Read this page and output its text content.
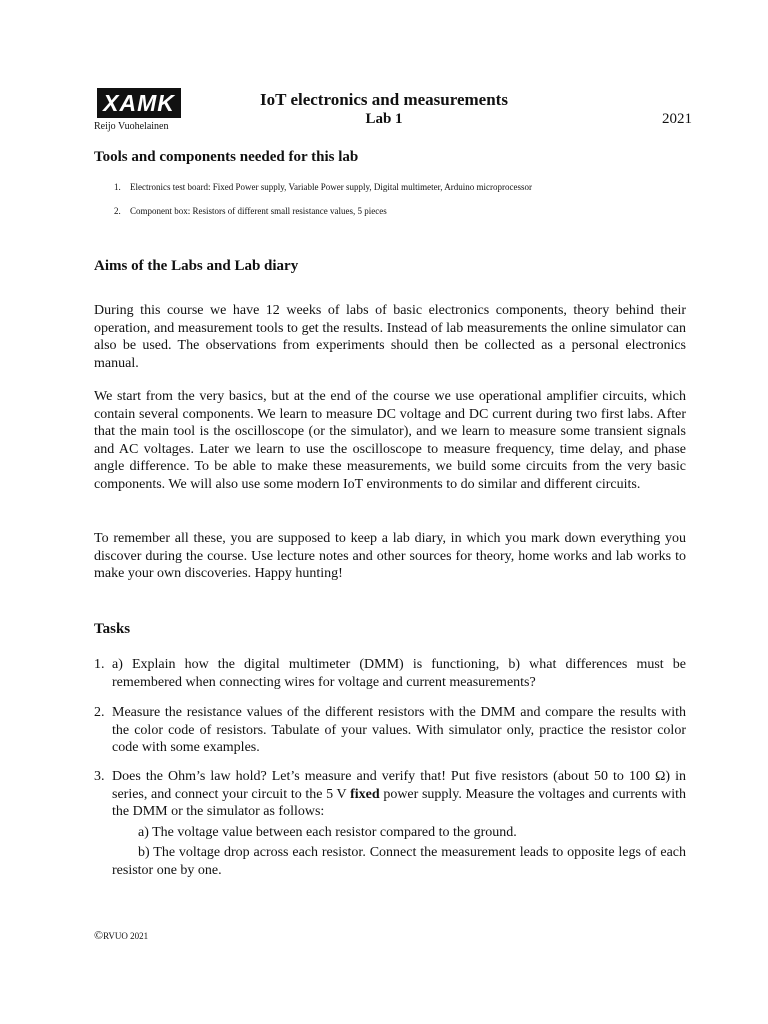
XAMK
Reijo Vuohelainen
IoT electronics and measurements
Lab 1	2021
Tools and components needed for this lab
1. Electronics test board: Fixed Power supply, Variable Power supply, Digital multimeter, Arduino microprocessor
2. Component box: Resistors of different small resistance values, 5 pieces
Aims of the Labs and Lab diary
During this course we have 12 weeks of labs of basic electronics components, theory behind their operation, and measurement tools to get the results. Instead of lab measurements the online simulator can also be used. The observations from experiments should then be collected as a personal electronics manual.
We start from the very basics, but at the end of the course we use operational amplifier circuits, which contain several components. We learn to measure DC voltage and DC current during two first labs. After that the main tool is the oscilloscope (or the simulator), and we learn to measure some transient signals and AC voltages. Later we learn to use the oscilloscope to measure frequency, time delay, and phase angle difference. To be able to make these measurements, we build some circuits from the very basic components. We will also use some modern IoT environments to do similar and different circuits.
To remember all these, you are supposed to keep a lab diary, in which you mark down everything you discover during the course. Use lecture notes and other sources for theory, home works and lab works to make your own discoveries. Happy hunting!
Tasks
1. a) Explain how the digital multimeter (DMM) is functioning, b) what differences must be remembered when connecting wires for voltage and current measurements?
2. Measure the resistance values of the different resistors with the DMM and compare the results with the color code of resistors. Tabulate of your values. With simulator only, practice the resistor color code with some examples.
3. Does the Ohm’s law hold? Let’s measure and verify that! Put five resistors (about 50 to 100 Ω) in series, and connect your circuit to the 5 V fixed power supply. Measure the voltages and currents with the DMM or the simulator as follows:
a) The voltage value between each resistor compared to the ground.
b) The voltage drop across each resistor. Connect the measurement leads to opposite legs of each resistor one by one.
©RVUO 2021
